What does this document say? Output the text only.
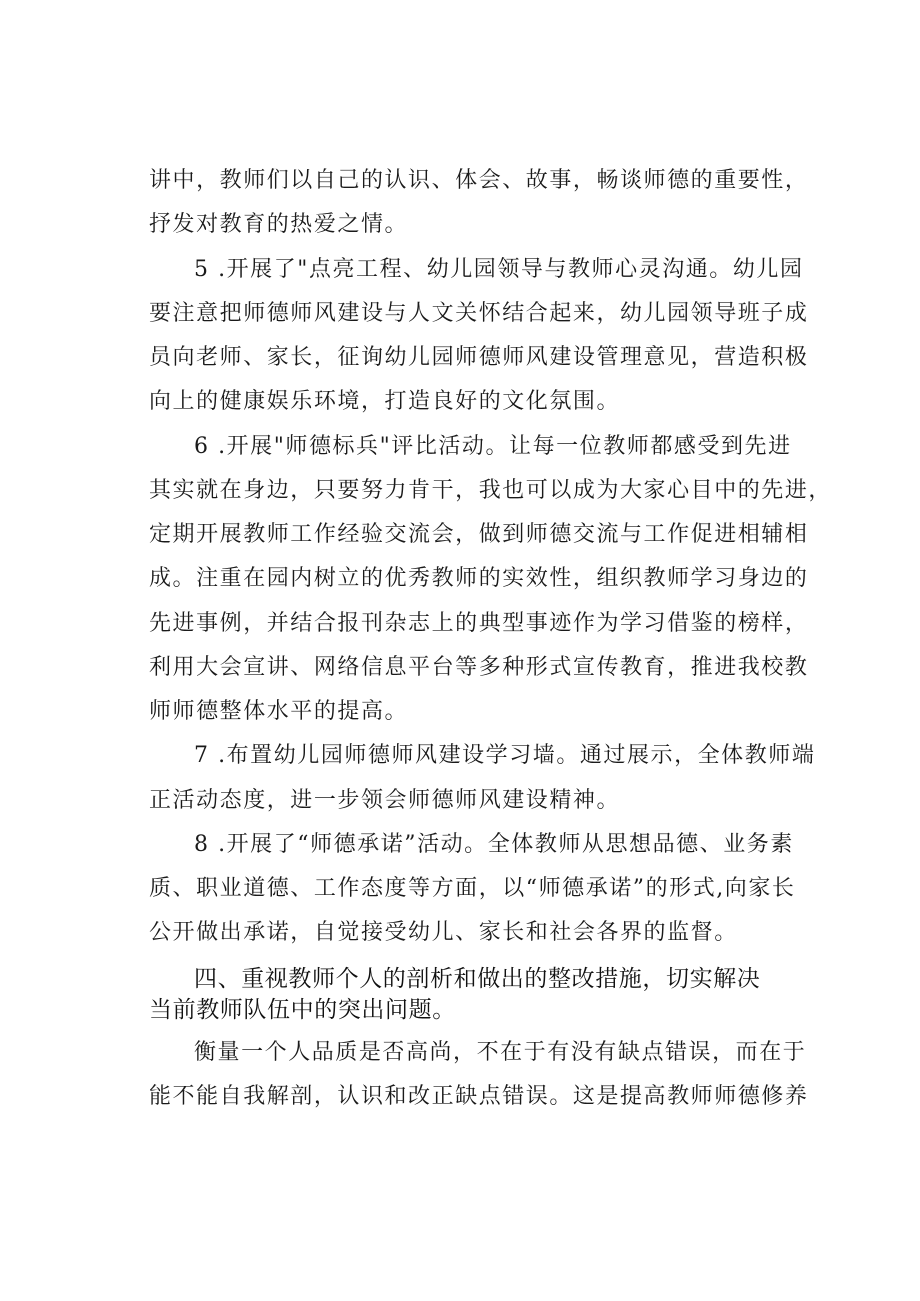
讲中，教师们以自己的认识、体会、故事，畅谈师德的重要性，
抒发对教育的热爱之情。
5 .开展了"点亮工程、幼儿园领导与教师心灵沟通。幼儿园
要注意把师德师风建设与人文关怀结合起来，幼儿园领导班子成
员向老师、家长，征询幼儿园师德师风建设管理意见，营造积极
向上的健康娱乐环境，打造良好的文化氛围。
6 .开展"师德标兵"评比活动。让每一位教师都感受到先进
其实就在身边，只要努力肯干，我也可以成为大家心目中的先进，
定期开展教师工作经验交流会，做到师德交流与工作促进相辅相
成。注重在园内树立的优秀教师的实效性，组织教师学习身边的
先进事例，并结合报刊杂志上的典型事迹作为学习借鉴的榜样，
利用大会宣讲、网络信息平台等多种形式宣传教育，推进我校教
师师德整体水平的提高。
7 .布置幼儿园师德师风建设学习墙。通过展示，全体教师端
正活动态度，进一步领会师德师风建设精神。
8 .开展了“师德承诺”活动。全体教师从思想品德、业务素
质、职业道德、工作态度等方面，以“师德承诺”的形式,向家长
公开做出承诺，自觉接受幼儿、家长和社会各界的监督。
四、重视教师个人的剖析和做出的整改措施，切实解决
当前教师队伍中的突出问题。
衡量一个人品质是否高尚，不在于有没有缺点错误，而在于
能不能自我解剖，认识和改正缺点错误。这是提高教师师德修养
